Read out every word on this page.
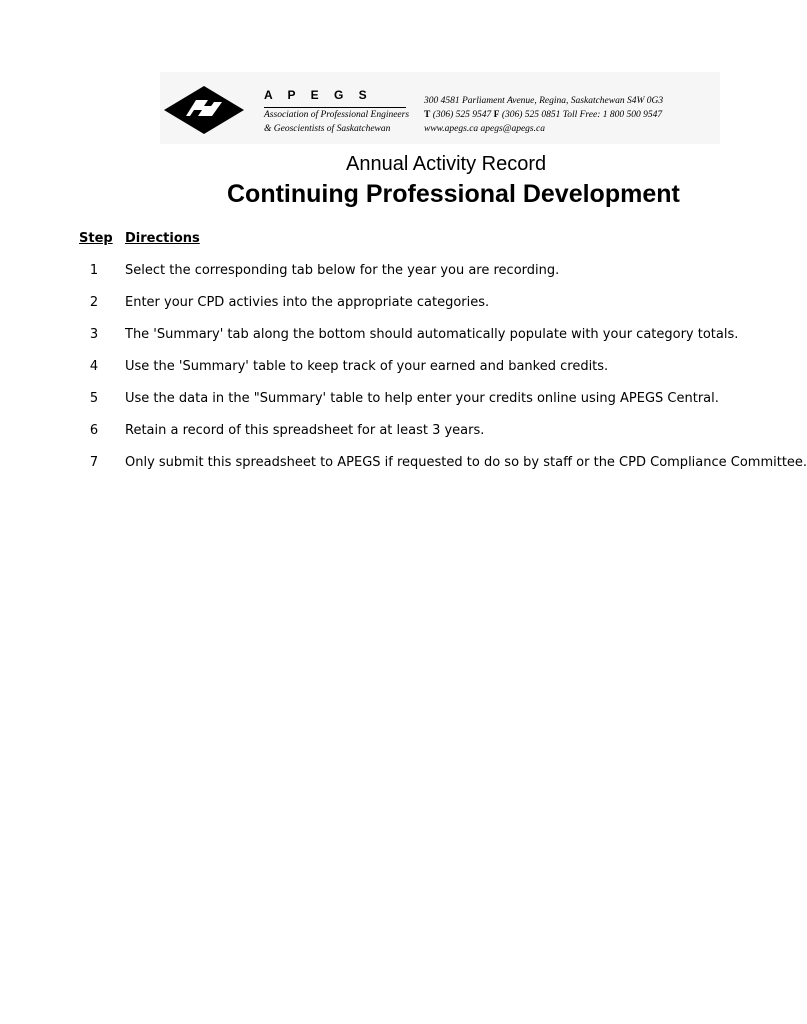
A P E G S
Association of Professional Engineers
& Geoscientists of Saskatchewan
300 4581 Parliament Avenue, Regina, Saskatchewan S4W 0G3
T (306) 525 9547 F (306) 525 0851 Toll Free: 1 800 500 9547
www.apegs.ca apegs@apegs.ca
Annual Activity Record
Continuing Professional Development
Step Directions
1	Select the corresponding tab below for the year you are recording.
2	Enter your CPD activies into the appropriate categories.
3	The 'Summary' tab along the bottom should automatically populate with your category totals.
4	Use the 'Summary' table to keep track of your earned and banked credits.
5	Use the data in the "Summary' table to help enter your credits online using APEGS Central.
6	Retain a record of this spreadsheet for at least 3 years.
7	Only submit this spreadsheet to APEGS if requested to do so by staff or the CPD Compliance Committee.
